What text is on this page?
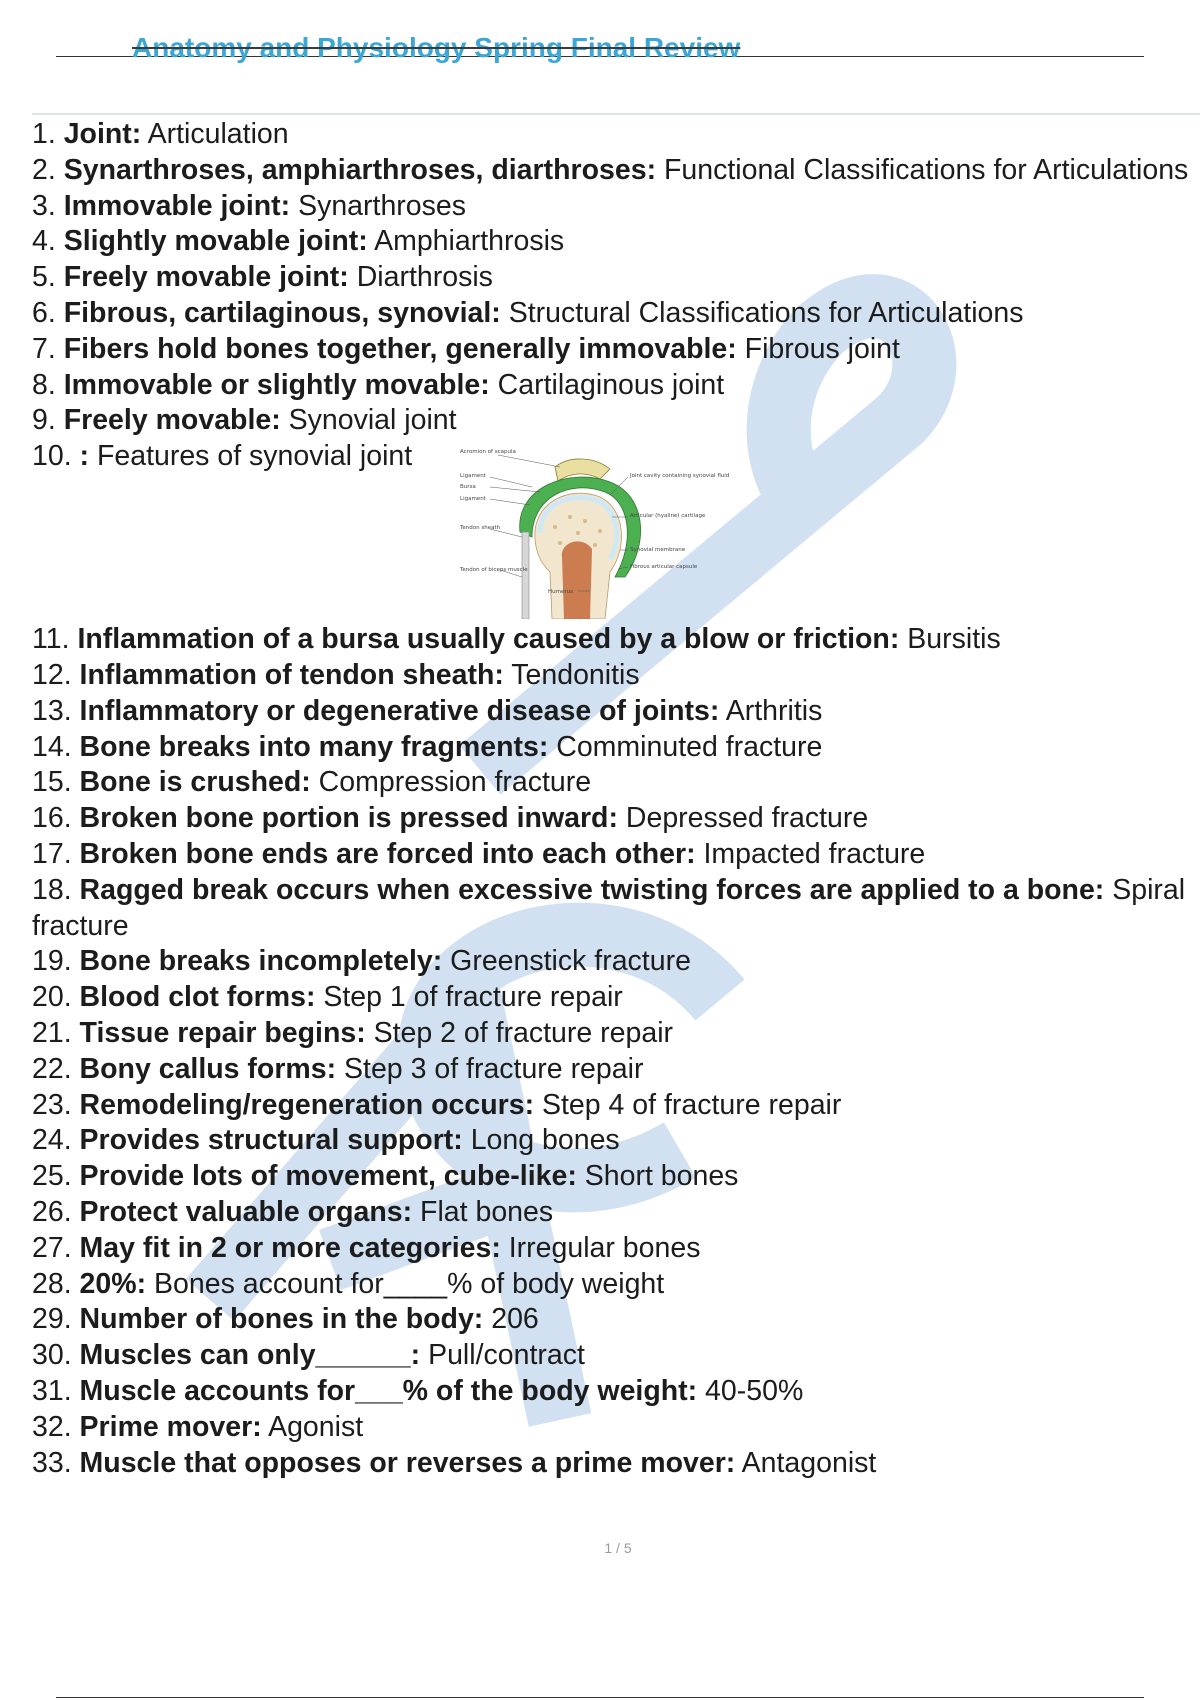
Anatomy and Physiology Spring Final Review
1. Joint: Articulation
2. Synarthroses, amphiarthroses, diarthroses: Functional Classifications for Articulations
3. Immovable joint: Synarthroses
4. Slightly movable joint: Amphiarthrosis
5. Freely movable joint: Diarthrosis
6. Fibrous, cartilaginous, synovial: Structural Classifications for Articulations
7. Fibers hold bones together, generally immovable: Fibrous joint
8. Immovable or slightly movable: Cartilaginous joint
9. Freely movable: Synovial joint
10. : Features of synovial joint	Acromion of scapula
Ligament
Bursa
Ligament
Tendon sheath
Tendon of biceps muscle
Humerus
Joint cavity containing synovial fluid
Articular (hyaline) cartilage
Synovial membrane
Fibrous articular capsule
11. Inflammation of a bursa usually caused by a blow or friction: Bursitis
12. Inflammation of tendon sheath: Tendonitis
13. Inflammatory or degenerative disease of joints: Arthritis
14. Bone breaks into many fragments: Comminuted fracture
15. Bone is crushed: Compression fracture
16. Broken bone portion is pressed inward: Depressed fracture
17. Broken bone ends are forced into each other: Impacted fracture
18. Ragged break occurs when excessive twisting forces are applied to a bone: Spiral fracture
19. Bone breaks incompletely: Greenstick fracture
20. Blood clot forms: Step 1 of fracture repair
21. Tissue repair begins: Step 2 of fracture repair
22. Bony callus forms: Step 3 of fracture repair
23. Remodeling/regeneration occurs: Step 4 of fracture repair
24. Provides structural support: Long bones
25. Provide lots of movement, cube-like: Short bones
26. Protect valuable organs: Flat bones
27. May fit in 2 or more categories: Irregular bones
28. 20%: Bones account for____% of body weight
29. Number of bones in the body: 206
30. Muscles can only______: Pull/contract
31. Muscle accounts for___% of the body weight: 40-50%
32. Prime mover: Agonist
33. Muscle that opposes or reverses a prime mover: Antagonist
1 / 5
